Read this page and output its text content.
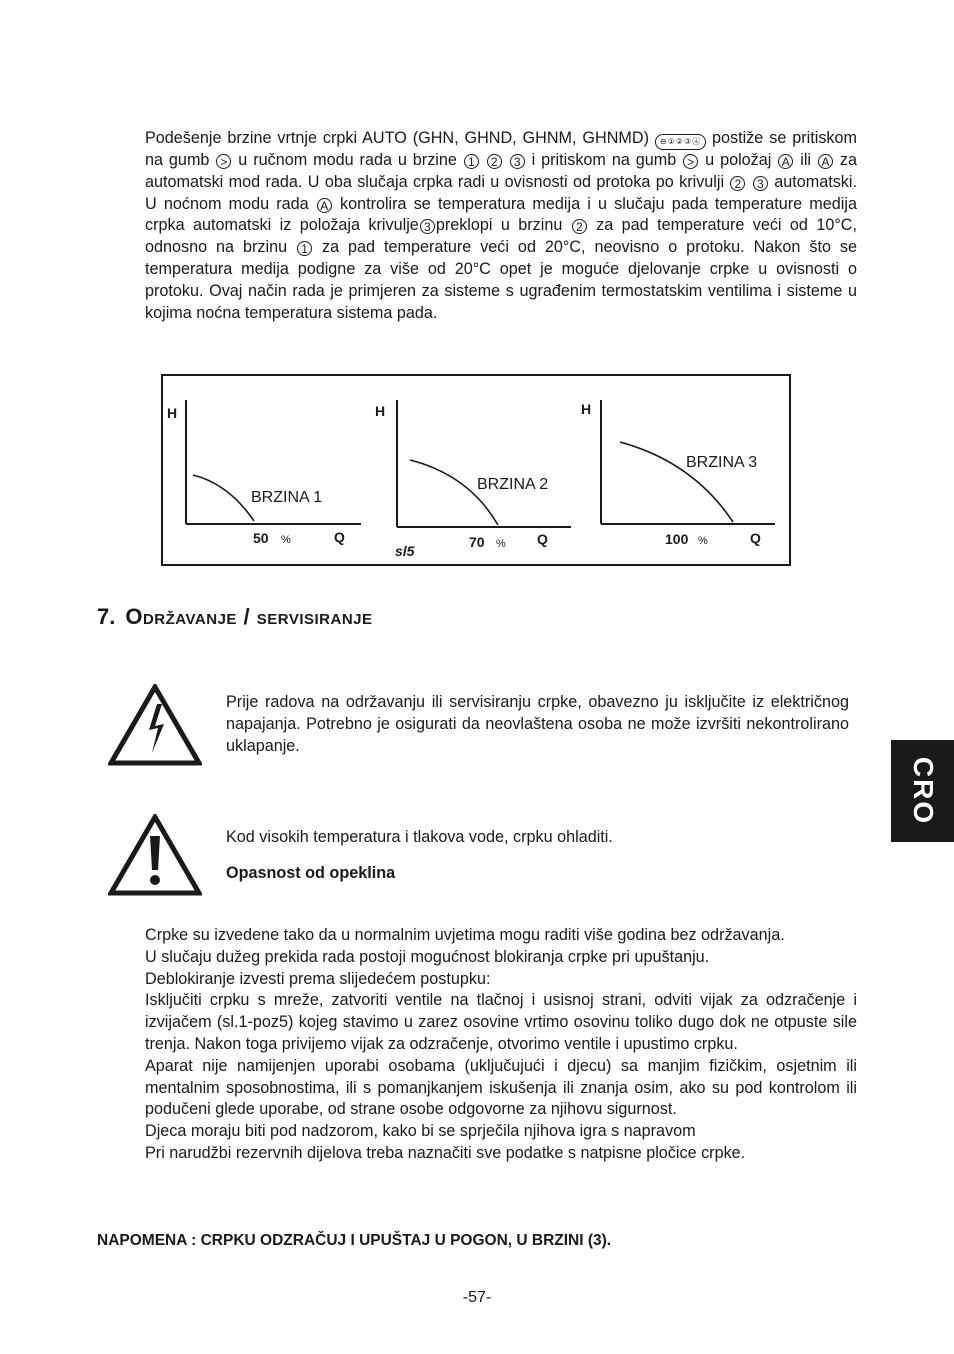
Podešenje brzine vrtnje crpki AUTO (GHN, GHND, GHNM, GHNMD) ⊖①②③Ⓐ postiže se pritiskom na gumb > u ručnom modu rada u brzine 1 2 3 i pritiskom na gumb > u položaj A ili A za automatski mod rada. U oba slučaja crpka radi u ovisnosti od protoka po krivulji 2 3 automatski. U noćnom modu rada A kontrolira se temperatura medija i u slučaju pada temperature medija crpka automatski iz položaja krivulje 3 preklopi u brzinu 2 za pad temperature veći od 10°C, odnosno na brzinu 1 za pad temperature veći od 20°C, neovisno o protoku. Nakon što se temperatura medija podigne za više od 20°C opet je moguće djelovanje crpke u ovisnosti o protoku. Ovaj način rada je primjeren za sisteme s ugrađenim termostatskim ventilima i sisteme u kojima noćna temperatura sistema pada.

H
BRZINA 1
50 %	Q
H
BRZINA 2
70 % Q
sl5
H
BRZINA 3
100 %	Q
7. Održavanje / servisiranje

Prije radova na održavanju ili servisiranju crpke, obavezno ju isključite iz električnog napajanja. Potrebno je osigurati da neovlaštena osoba ne može izvršiti nekontrolirano uklapanje.

Kod visokih temperatura i tlakova vode, crpku ohladiti.

Opasnost od opeklina

Crpke su izvedene tako da u normalnim uvjetima mogu raditi više godina bez održavanja.
U slučaju dužeg prekida rada postoji mogućnost blokiranja crpke pri upuštanju.
Deblokiranje izvesti prema slijedećem postupku:
Isključiti crpku s mreže, zatvoriti ventile na tlačnoj i usisnoj strani, odviti vijak za odzračenje i izvijačem (sl.1-poz5) kojeg stavimo u zarez osovine vrtimo osovinu toliko dugo dok ne otpuste sile trenja. Nakon toga privijemo vijak za odzračenje, otvorimo ventile i upustimo crpku.
Aparat nije namijenjen uporabi osobama (uključujući i djecu) sa manjim fizičkim, osjetnim ili mentalnim sposobnostima, ili s pomanjkanjem iskušenja ili znanja osim, ako su pod kontrolom ili podučeni glede uporabe, od strane osobe odgovorne za njihovu sigurnost.
Djeca moraju biti pod nadzorom, kako bi se sprječila njihova igra s napravom
Pri narudžbi rezervnih dijelova treba naznačiti sve podatke s natpisne pločice crpke.

NAPOMENA : CRPKU ODZRAČUJ I UPUŠTAJ U POGON, U BRZINI (3).

-57-
CRO
